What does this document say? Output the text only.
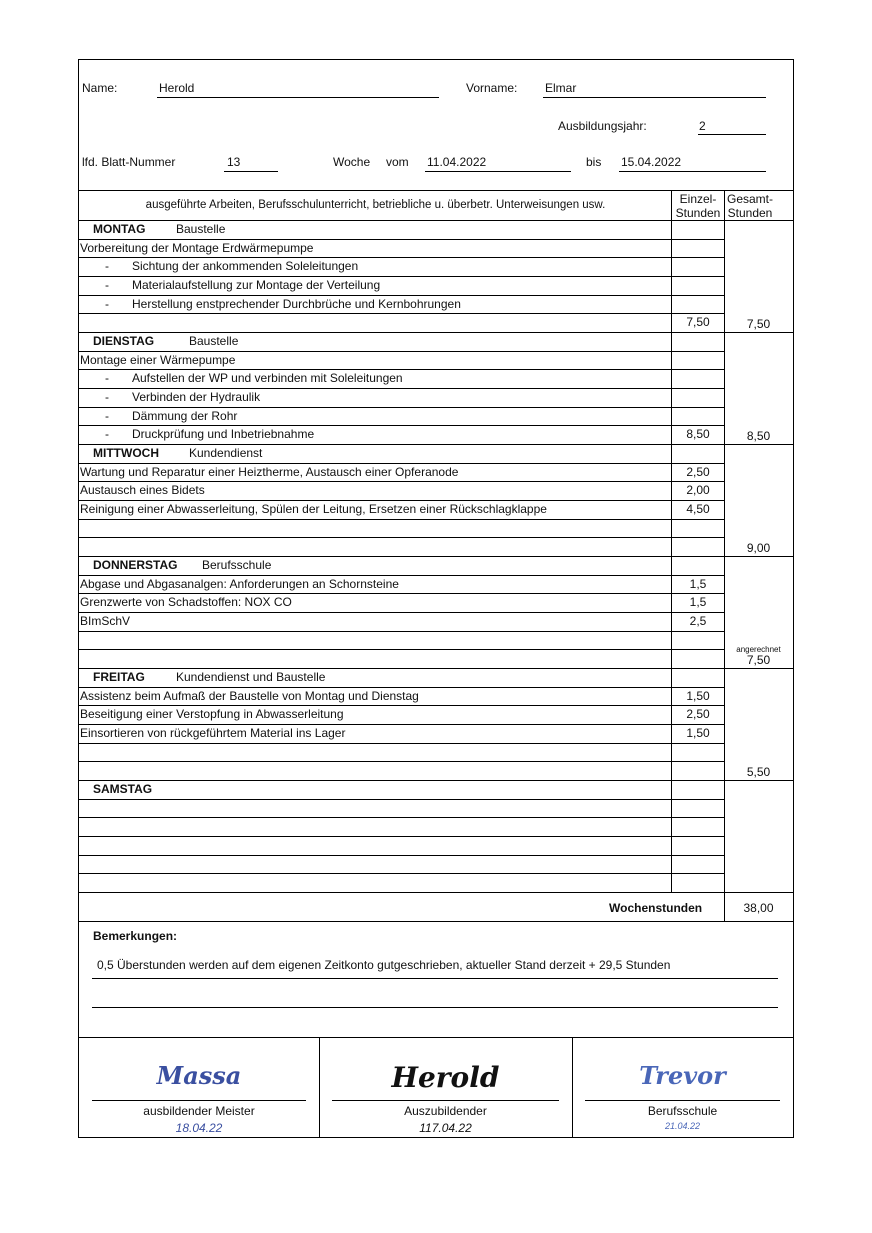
Name:	Herold	Vorname: Elmar
Ausbildungsjahr:	2
lfd. Blatt-Nummer	13	Woche vom 11.04.2022	bis 15.04.2022
ausgeführte Arbeiten, Berufsschulunterricht, betriebliche u. überbetr. Unterweisungen usw.	Einzel-
Stunden
Gesamt-
Stunden
MONTAG	Baustelle
Vorbereitung der Montage Erdwärmepumpe
- Sichtung der ankommenden Soleleitungen
- Materialaufstellung zur Montage der Verteilung
- Herstellung enstprechender Durchbrüche und Kernbohrungen
7,50	7,50
DIENSTAG	Baustelle
Montage einer Wärmepumpe
- Aufstellen der WP und verbinden mit Soleleitungen
- Verbinden der Hydraulik
- Dämmung der Rohr
- Druckprüfung und Inbetriebnahme	8,50	8,50
MITTWOCH	Kundendienst
Wartung und Reparatur einer Heiztherme, Austausch einer Opferanode	2,50
Austausch eines Bidets	2,00
Reinigung einer Abwasserleitung, Spülen der Leitung, Ersetzen einer Rückschlagklappe	4,50
9,00
DONNERSTAG Berufsschule
Abgase und Abgasanalgen: Anforderungen an Schornsteine	1,5
Grenzwerte von Schadstoffen: NOX CO	1,5
BImSchV	2,5
angerechnet
7,50
FREITAG	Kundendienst und Baustelle
Assistenz beim Aufmaß der Baustelle von Montag und Dienstag	1,50
Beseitigung einer Verstopfung in Abwasserleitung	2,50
Einsortieren von rückgeführtem Material ins Lager	1,50
5,50
SAMSTAG
Wochenstunden	38,00
Bemerkungen:
0,5 Überstunden werden auf dem eigenen Zeitkonto gutgeschrieben, aktueller Stand derzeit + 29,5 Stunden
Massa
ausbildender Meister
18.04.22
Herold
Auszubildender
117.04.22
Trevor
Berufsschule
21.04.22
